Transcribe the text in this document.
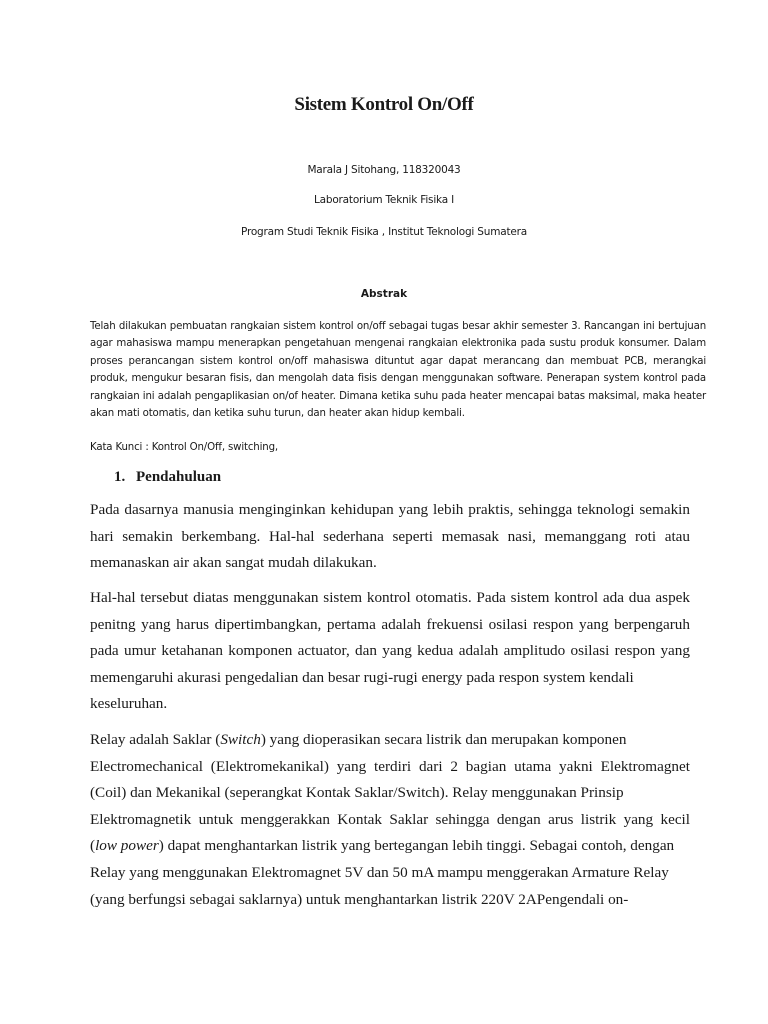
Sistem Kontrol On/Off
Marala J Sitohang, 118320043
Laboratorium Teknik Fisika I
Program Studi Teknik Fisika , Institut Teknologi Sumatera
Abstrak

Telah dilakukan pembuatan rangkaian sistem kontrol on/off sebagai tugas besar akhir semester 3. Rancangan ini bertujuan agar mahasiswa mampu menerapkan pengetahuan mengenai rangkaian elektronika pada sustu produk konsumer. Dalam proses perancangan sistem kontrol on/off mahasiswa dituntut agar dapat merancang dan membuat PCB, merangkai produk, mengukur besaran fisis, dan mengolah data fisis dengan menggunakan software. Penerapan system kontrol pada rangkaian ini adalah pengaplikasian on/of heater. Dimana ketika suhu pada heater mencapai batas maksimal, maka heater akan mati otomatis, dan ketika suhu turun, dan heater akan hidup kembali.

Kata Kunci : Kontrol On/Off, switching,
1. Pendahuluan
Pada dasarnya manusia menginginkan kehidupan yang lebih praktis, sehingga teknologi semakin
hari semakin berkembang. Hal-hal sederhana seperti memasak nasi, memanggang roti atau
memanaskan air akan sangat mudah dilakukan.
Hal-hal tersebut diatas menggunakan sistem kontrol otomatis. Pada sistem kontrol ada dua aspek
penitng yang harus dipertimbangkan, pertama adalah frekuensi osilasi respon yang berpengaruh
pada umur ketahanan komponen actuator, dan yang kedua adalah amplitudo osilasi respon yang
memengaruhi akurasi pengedalian dan besar rugi-rugi energy pada respon system kendali
keseluruhan.
Relay adalah Saklar (Switch) yang dioperasikan secara listrik dan merupakan komponen
Electromechanical (Elektromekanikal) yang terdiri dari 2 bagian utama yakni Elektromagnet
(Coil) dan Mekanikal (seperangkat Kontak Saklar/Switch). Relay menggunakan Prinsip
Elektromagnetik untuk menggerakkan Kontak Saklar sehingga dengan arus listrik yang kecil
(low power) dapat menghantarkan listrik yang bertegangan lebih tinggi. Sebagai contoh, dengan
Relay yang menggunakan Elektromagnet 5V dan 50 mA mampu menggerakan Armature Relay
(yang berfungsi sebagai saklarnya) untuk menghantarkan listrik 220V 2APengendali on-
